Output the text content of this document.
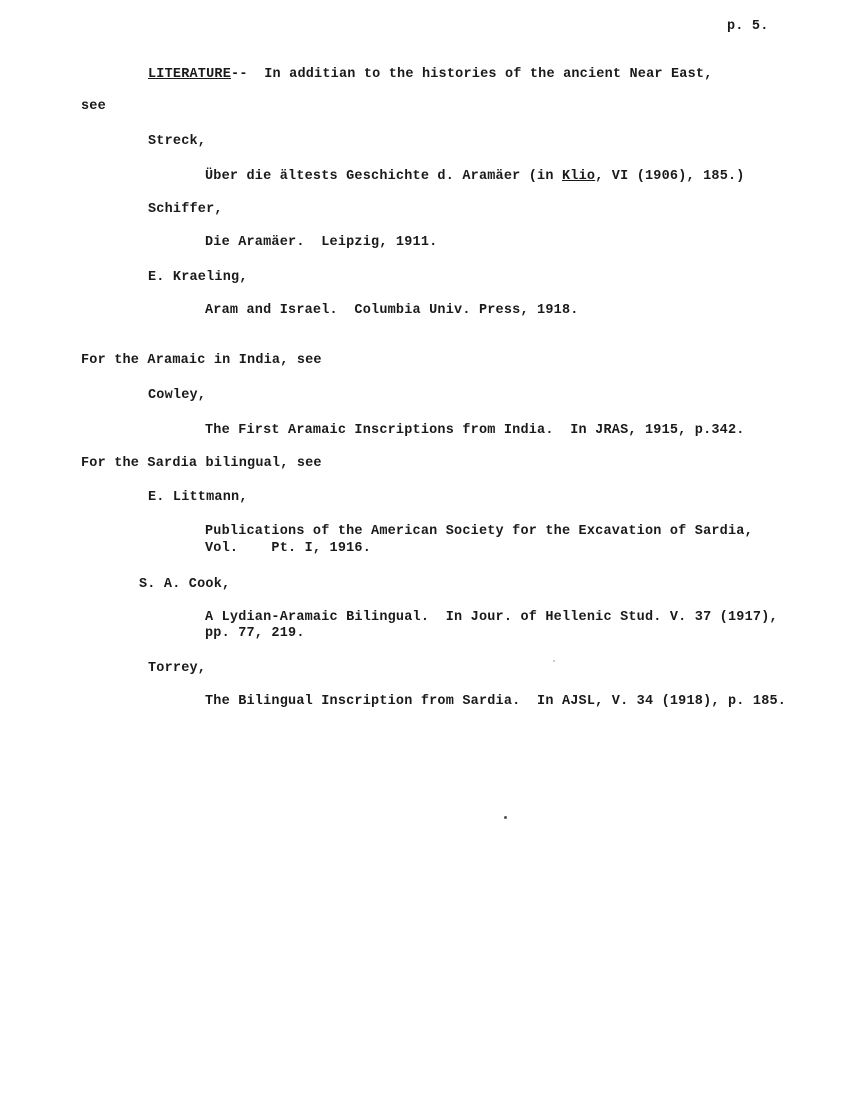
p. 5.
LITERATURE-- In additian to the histories of the ancient Near East,
see
Streck,
Über die ältests Geschichte d. Aramäer (in Klio, VI (1906), 185.)
Schiffer,
Die Aramäer.  Leipzig, 1911.
E. Kraeling,
Aram and Israel.  Columbia Univ. Press, 1918.
For the Aramaic in India, see
Cowley,
The First Aramaic Inscriptions from India.  In JRAS, 1915, p.342.
For the Sardia bilingual, see
E. Littmann,
Publications of the American Society for the Excavation of Sardia,
Vol.    Pt. I, 1916.
S. A. Cook,
A Lydian-Aramaic Bilingual.  In Jour. of Hellenic Stud. V. 37 (1917),
pp. 77, 219.
Torrey,
The Bilingual Inscription from Sardia.  In AJSL, V. 34 (1918), p. 185.
